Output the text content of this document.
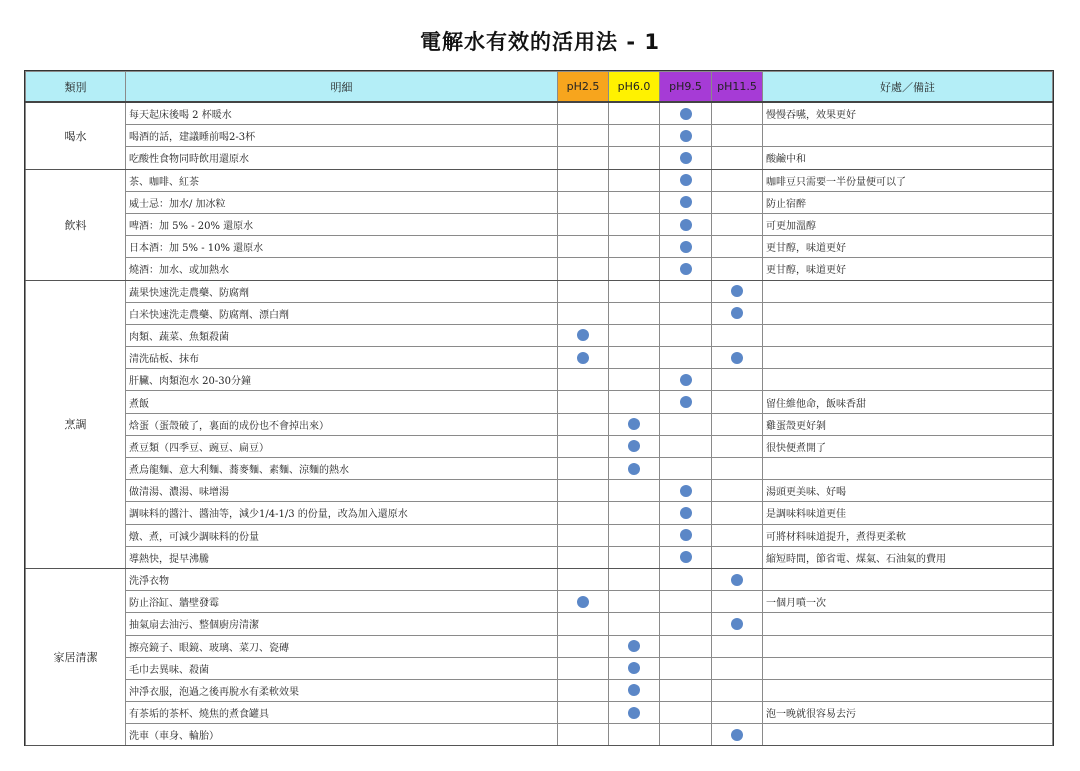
電解水有效的活用法 - 1
類別	明細	pH2.5	pH6.0	pH9.5	pH11.5	好處／備註
喝水	每天起床後喝 2 杯暖水					慢慢吞嚥，效果更好
	喝酒的話，建議睡前喝2-3杯					
	吃酸性食物同時飲用還原水					酸鹼中和
飲料	茶、咖啡、紅茶					咖啡豆只需要一半份量便可以了
	威士忌：加水/ 加冰粒					防止宿醉
	啤酒：加 5% - 20% 還原水					可更加溫醇
	日本酒：加 5% - 10% 還原水					更甘醇，味道更好
	燒酒：加水、或加熱水					更甘醇，味道更好
烹調	蔬果快速洗走農藥、防腐劑					
	白米快速洗走農藥、防腐劑、漂白劑					
	肉類、蔬菜、魚類殺菌					
	清洗砧板、抹布					
	肝臟、肉類泡水 20-30分鐘					
	煮飯					留住維他命，飯味香甜
	焓蛋（蛋殼破了，裏面的成份也不會掉出來）					雞蛋殼更好剝
	煮豆類（四季豆、豌豆、扁豆）					很快便煮開了
	煮烏龍麵、意大利麵、蕎麥麵、素麵、涼麵的熱水					
	做清湯、濃湯、味增湯					湯頭更美味、好喝
	調味料的醬汁、醬油等，減少1/4-1/3 的份量，改為加入還原水					是調味料味道更佳
	燉、煮，可減少調味料的份量					可將材料味道提升，煮得更柔軟
	導熱快，提早沸騰					縮短時間，節省電、煤氣、石油氣的費用
家居清潔	洗淨衣物					
	防止浴缸、牆壁發霉					一個月噴一次
	抽氣扇去油污、整個廚房清潔					
	擦亮鏡子、眼鏡、玻璃、菜刀、瓷磚					
	毛巾去異味、殺菌					
	沖淨衣服，泡過之後再脫水有柔軟效果					
	有茶垢的茶杯、燒焦的煮食罐具					泡一晚就很容易去污
	洗車（車身、輪胎）					
